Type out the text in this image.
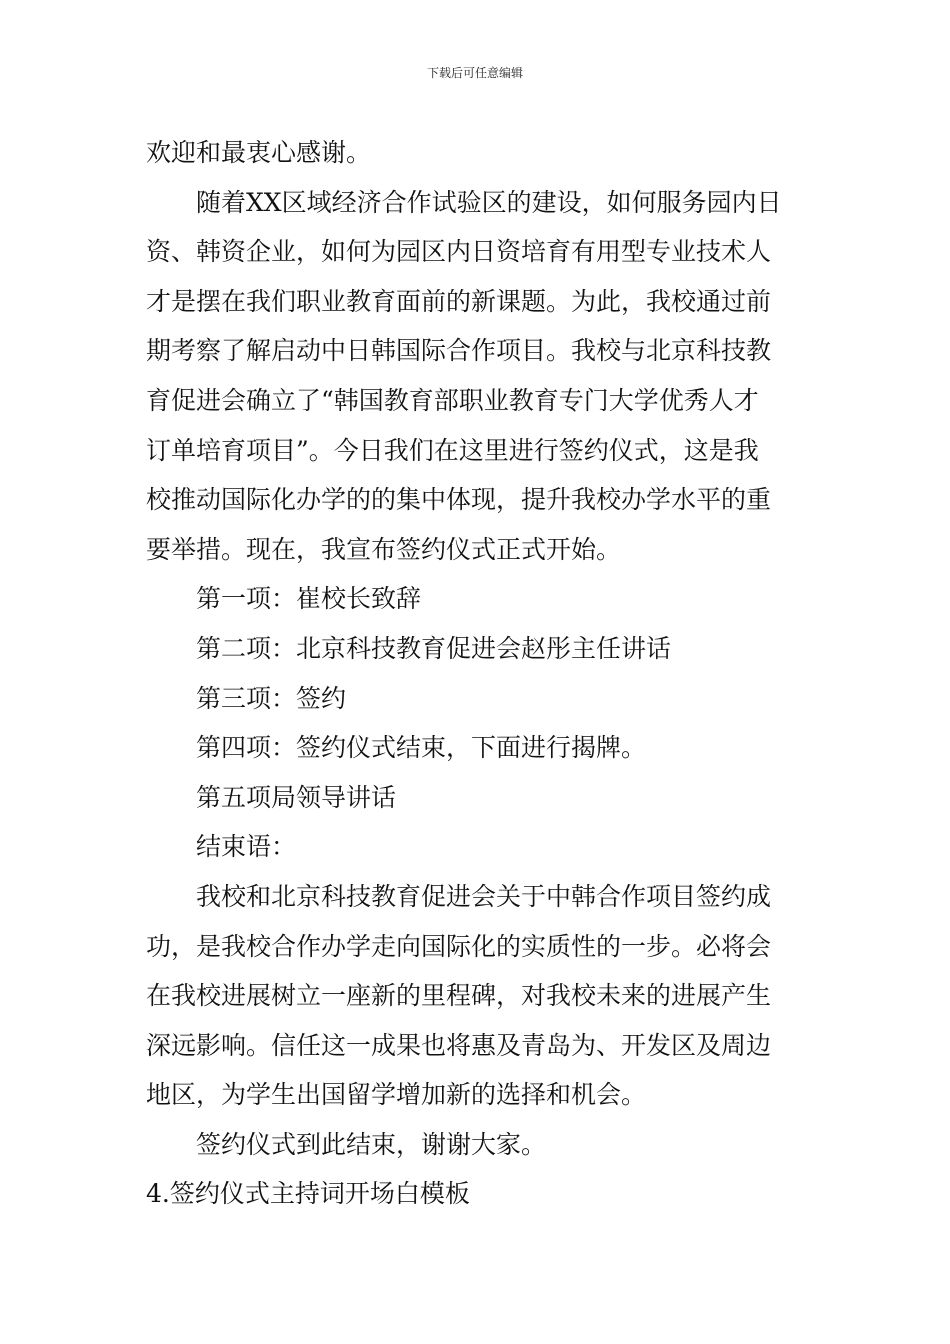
下载后可任意编辑
欢迎和最衷心感谢。
随着XX区域经济合作试验区的建设，如何服务园内日
资、韩资企业，如何为园区内日资培育有用型专业技术人
才是摆在我们职业教育面前的新课题。为此，我校通过前
期考察了解启动中日韩国际合作项目。我校与北京科技教
育促进会确立了“韩国教育部职业教育专门大学优秀人才
订单培育项目”。今日我们在这里进行签约仪式，这是我
校推动国际化办学的的集中体现，提升我校办学水平的重
要举措。现在，我宣布签约仪式正式开始。
第一项：崔校长致辞
第二项：北京科技教育促进会赵彤主任讲话
第三项：签约
第四项：签约仪式结束，下面进行揭牌。
第五项局领导讲话
结束语：
我校和北京科技教育促进会关于中韩合作项目签约成
功，是我校合作办学走向国际化的实质性的一步。必将会
在我校进展树立一座新的里程碑，对我校未来的进展产生
深远影响。信任这一成果也将惠及青岛为、开发区及周边
地区，为学生出国留学增加新的选择和机会。
签约仪式到此结束，谢谢大家。
4.签约仪式主持词开场白模板
